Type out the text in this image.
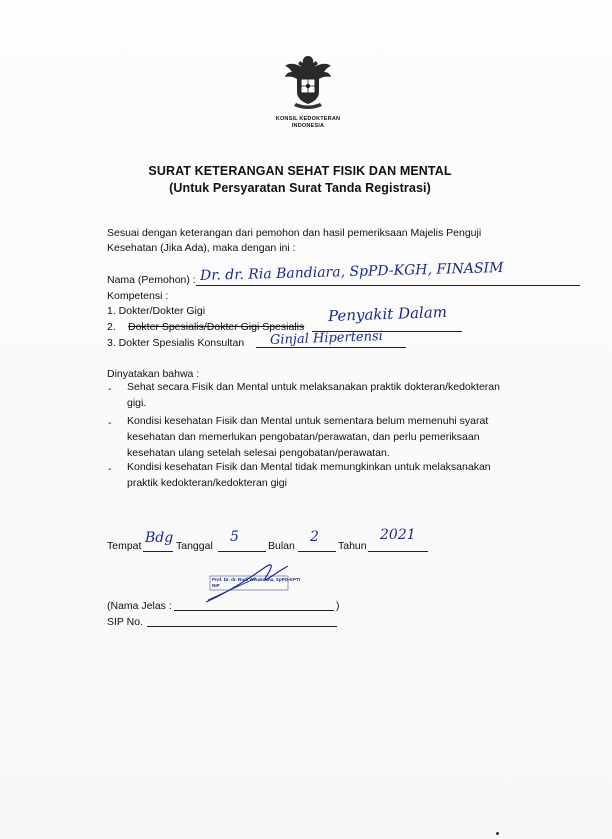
KONSIL KEDOKTERAN
INDONESIA
SURAT KETERANGAN SEHAT FISIK DAN MENTAL
(Untuk Persyaratan Surat Tanda Registrasi)
Sesuai dengan keterangan dari pemohon dan hasil pemeriksaan Majelis Penguji
Kesehatan (Jika Ada), maka dengan ini :
Nama (Pemohon) : Dr. dr. Ria Bandiara, SpPD-KGH, FINASIM
Kompetensi :
1. Dokter/Dokter Gigi
2. Dokter Spesialis/Dokter Gigi Spesialis
Penyakit Dalam
3. Dokter Spesialis Konsultan Ginjal Hipertensi
Dinyatakan bahwa :
- Sehat secara Fisik dan Mental untuk melaksanakan praktik dokteran/kedokteran
gigi.
- Kondisi kesehatan Fisik dan Mental untuk sementara belum memenuhi syarat
kesehatan dan memerlukan pengobatan/perawatan, dan perlu pemeriksaan
kesehatan ulang setelah selesai pengobatan/perawatan.
- Kondisi kesehatan Fisik dan Mental tidak memungkinkan untuk melaksanakan
praktik kedokteran/kedokteran gigi
Tempat Bdg Tanggal
5
Bulan
2
Tahun
2021
Prof. Dr. dr. Rudi Wisaksana, SpPD-KPTI
NIP
(Nama Jelas :	)
SIP No.
